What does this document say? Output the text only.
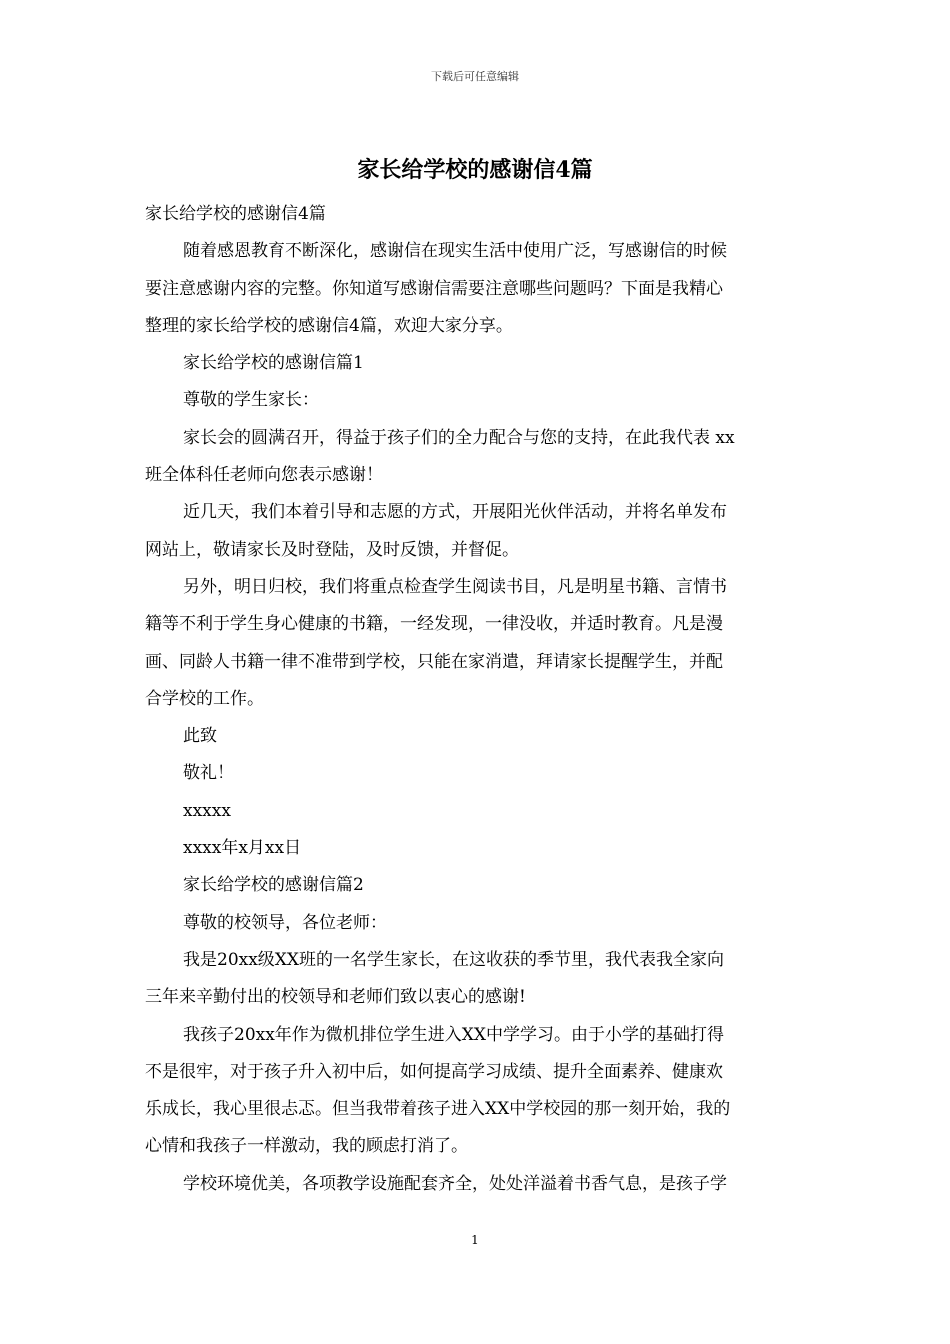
下载后可任意编辑
家长给学校的感谢信4篇
家长给学校的感谢信4篇
随着感恩教育不断深化，感谢信在现实生活中使用广泛，写感谢信的时候
要注意感谢内容的完整。你知道写感谢信需要注意哪些问题吗？下面是我精心
整理的家长给学校的感谢信4篇，欢迎大家分享。
家长给学校的感谢信篇1
尊敬的学生家长：
家长会的圆满召开，得益于孩子们的全力配合与您的支持，在此我代表 xx
班全体科任老师向您表示感谢！
近几天，我们本着引导和志愿的方式，开展阳光伙伴活动，并将名单发布
网站上，敬请家长及时登陆，及时反馈，并督促。
另外，明日归校，我们将重点检查学生阅读书目，凡是明星书籍、言情书
籍等不利于学生身心健康的书籍，一经发现，一律没收，并适时教育。凡是漫
画、同龄人书籍一律不准带到学校，只能在家消遣，拜请家长提醒学生，并配
合学校的工作。
此致
敬礼！
xxxxx
xxxx年x月xx日
家长给学校的感谢信篇2
尊敬的校领导，各位老师：
我是20xx级XX班的一名学生家长，在这收获的季节里，我代表我全家向
三年来辛勤付出的校领导和老师们致以衷心的感谢!
我孩子20xx年作为微机排位学生进入XX中学学习。由于小学的基础打得
不是很牢，对于孩子升入初中后，如何提高学习成绩、提升全面素养、健康欢
乐成长，我心里很忐忑。但当我带着孩子进入XX中学校园的那一刻开始，我的
心情和我孩子一样激动，我的顾虑打消了。
学校环境优美，各项教学设施配套齐全，处处洋溢着书香气息，是孩子学
1
